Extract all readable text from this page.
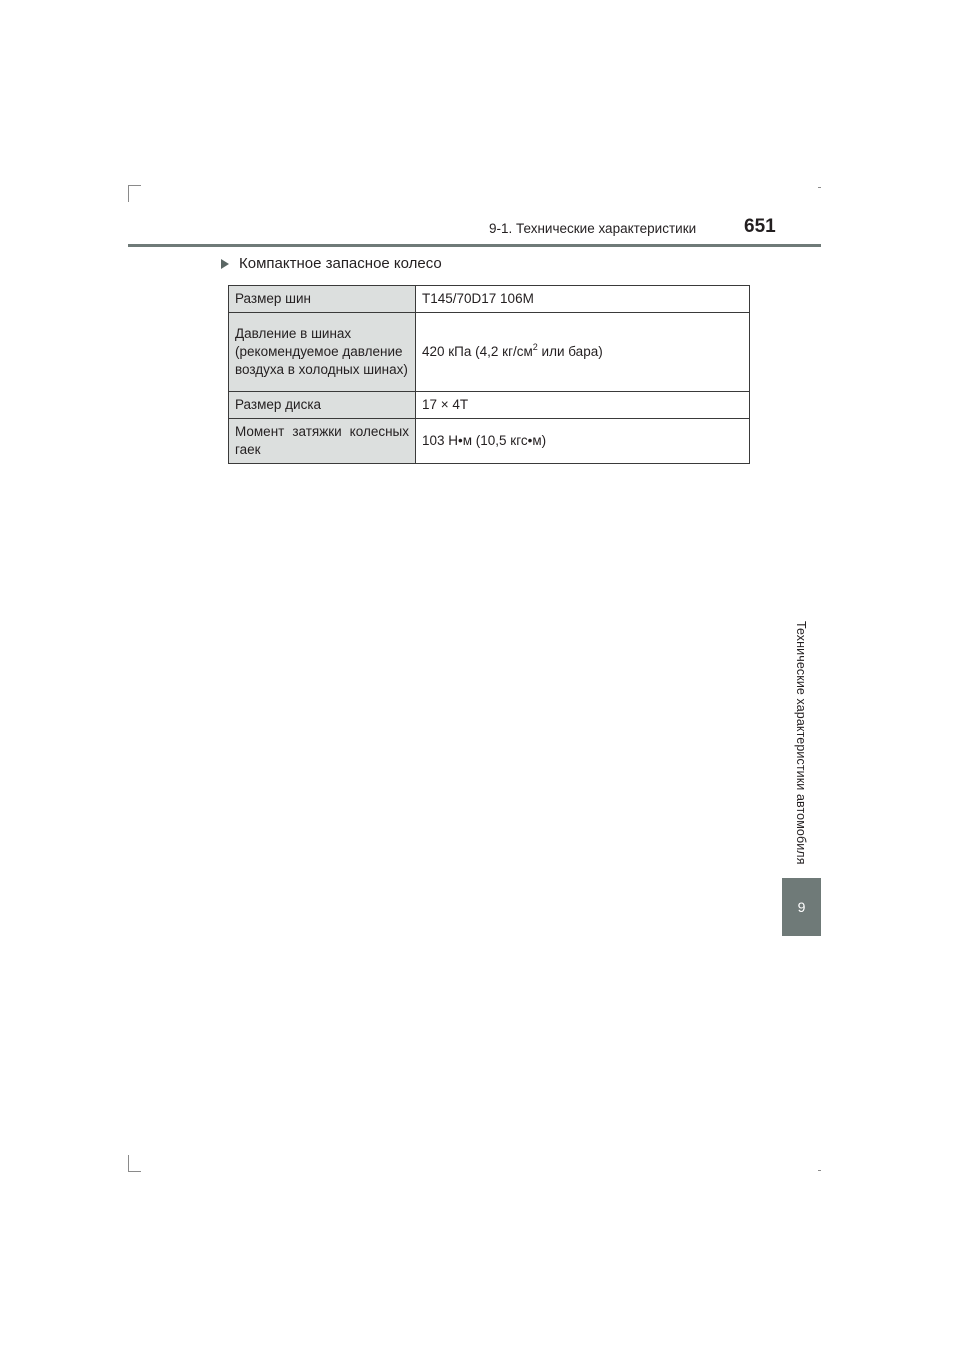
9-1. Технические характеристики	651
Компактное запасное колесо
Размер шин	T145/70D17 106M
Давление в шинах (рекомендуемое давление воздуха в холодных шинах)	420 кПа (4,2 $кг/см^2$ или бара)
Размер диска	17 × 4T
Момент затяжки колесных гаек	103 Н•м (10,5 кгс•м)
Технические характеристики автомобиля
9
